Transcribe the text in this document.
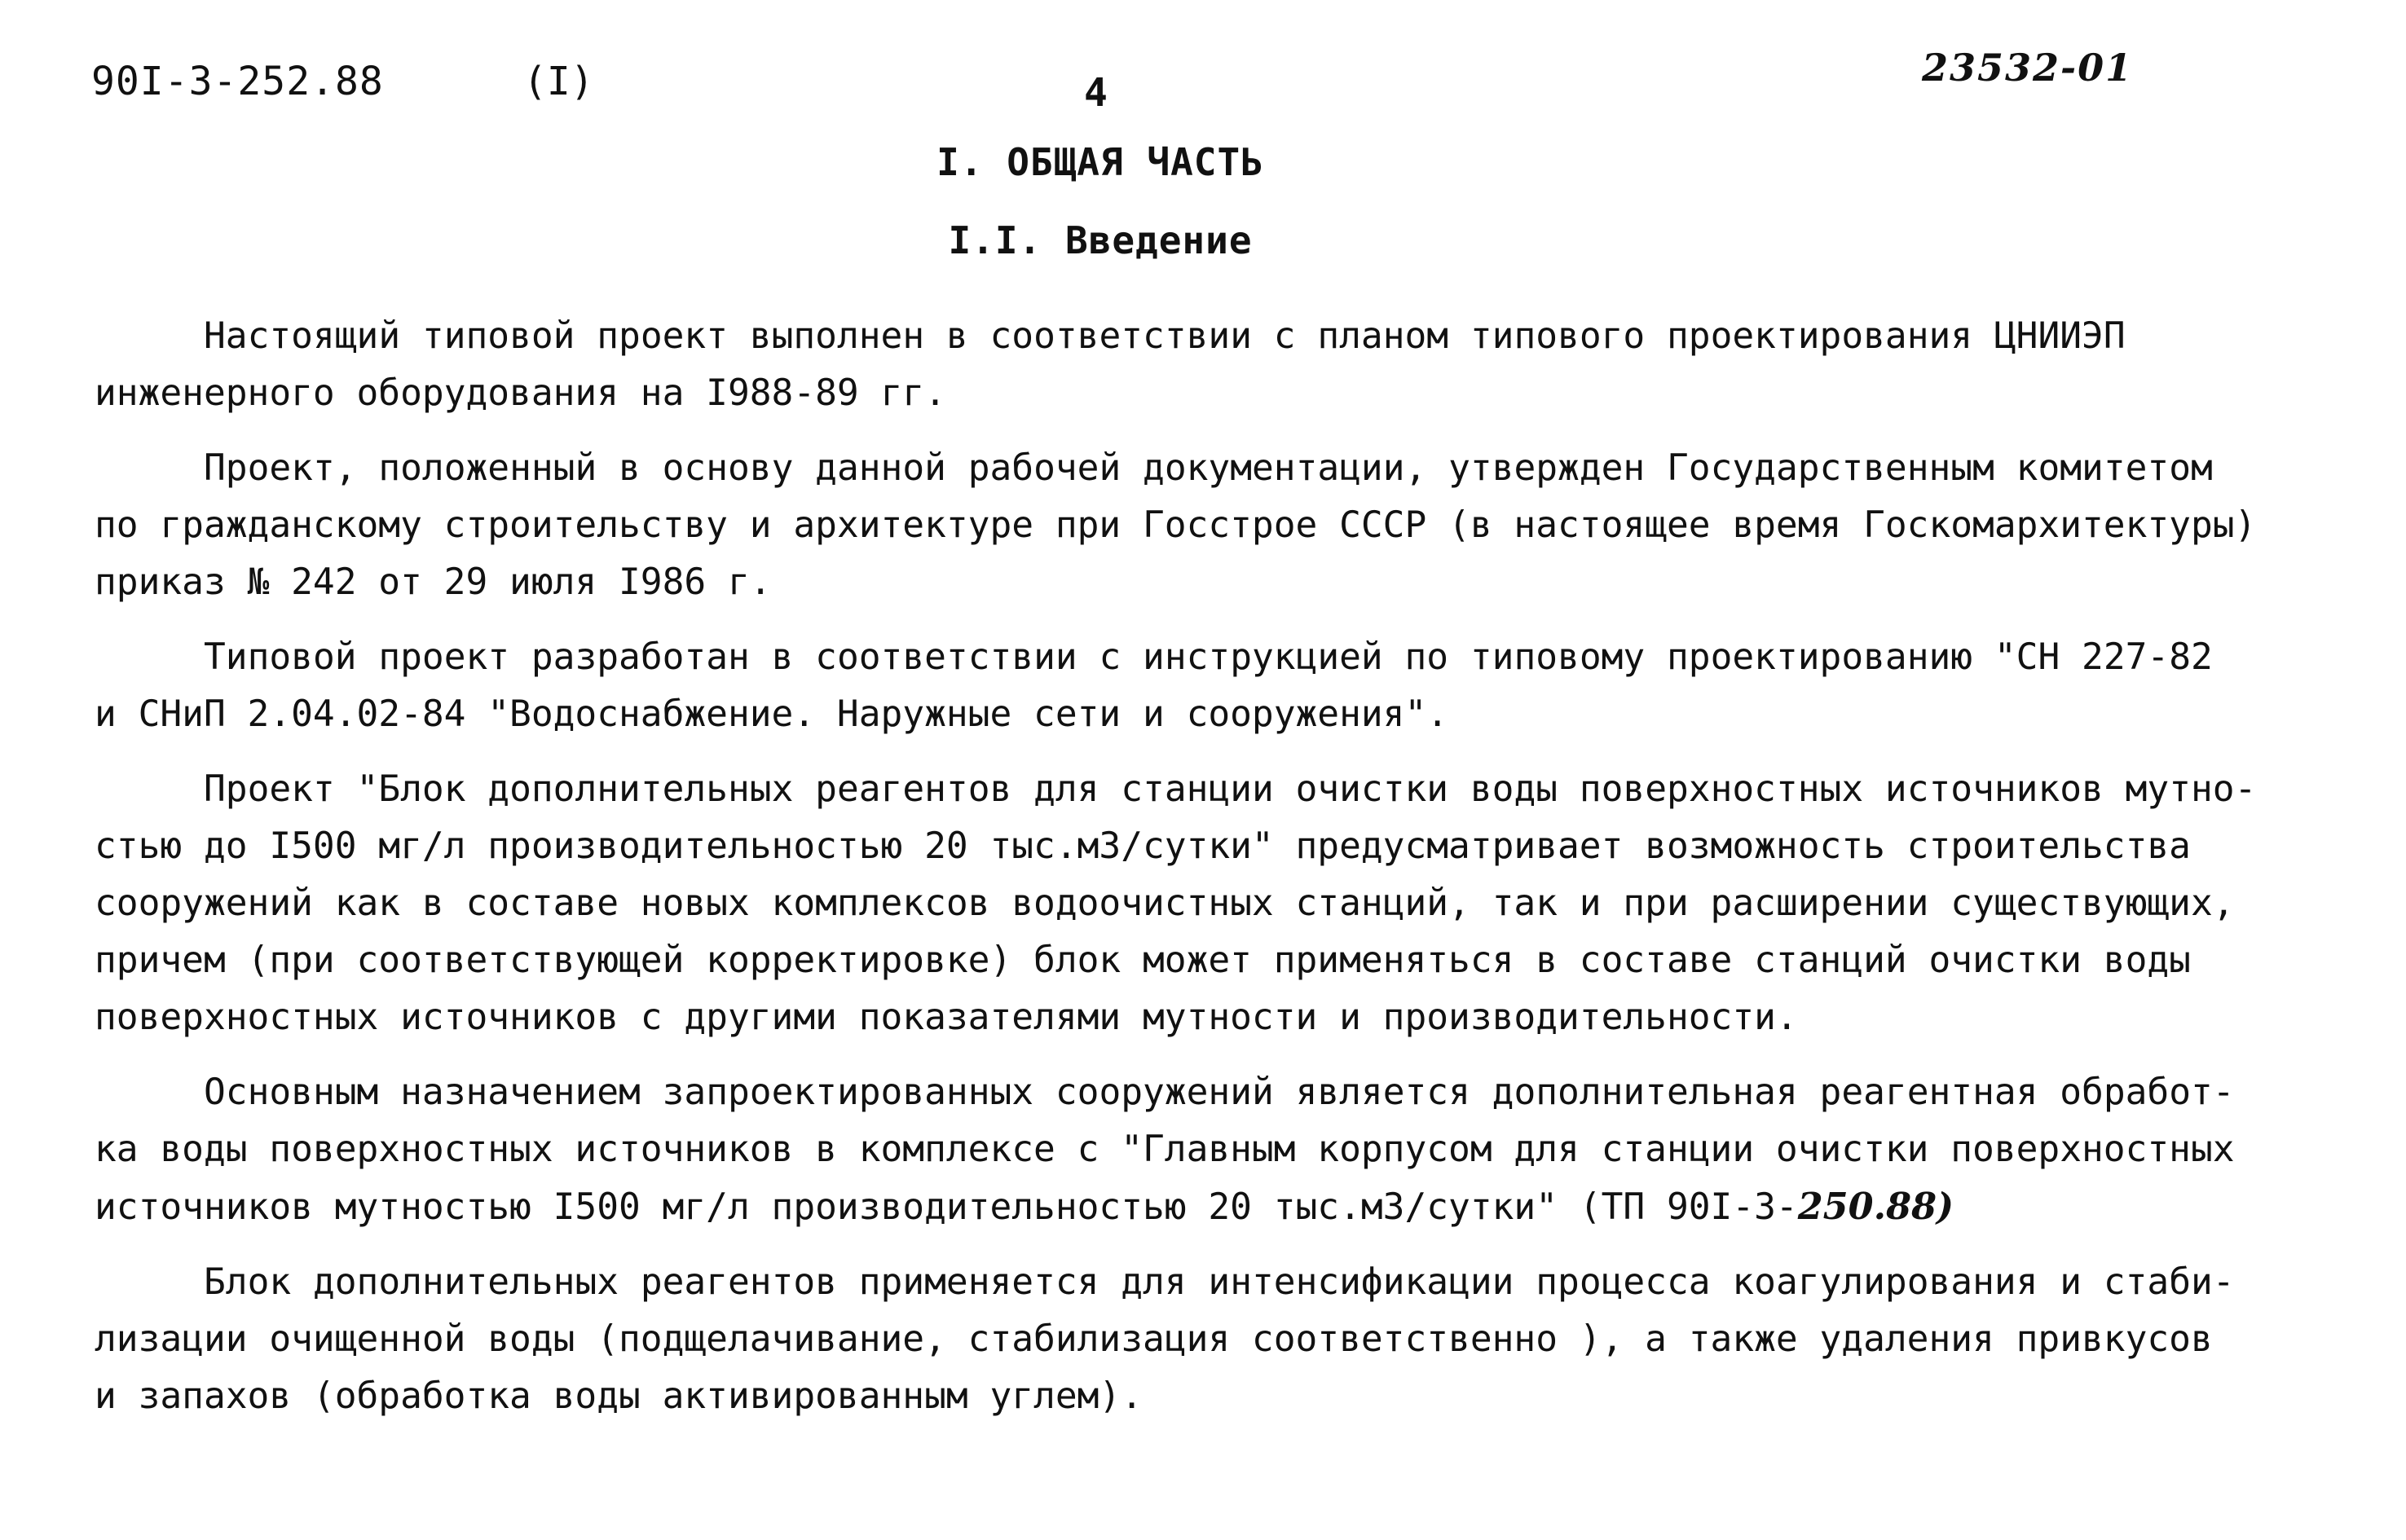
90I-3-252.88	(I)	4
23532-01
I. ОБЩАЯ ЧАСТЬ
I.I. Введение

Настоящий типовой проект выполнен в соответствии с планом типового проектирования ЦНИИЭП
инженерного оборудования на I988-89 гг.

Проект, положенный в основу данной рабочей документации, утвержден Государственным комитетом
по гражданскому строительству и архитектуре при Госстрое СССР (в настоящее время Госкомархитектуры)
приказ № 242 от 29 июля I986 г.

Типовой проект разработан в соответствии с инструкцией по типовому проектированию "СН 227-82
и СНиП 2.04.02-84 "Водоснабжение. Наружные сети и сооружения".

Проект "Блок дополнительных реагентов для станции очистки воды поверхностных источников мутно-
стью до I500 мг/л производительностью 20 тыс.м3/сутки" предусматривает возможность строительства
сооружений как в составе новых комплексов водоочистных станций, так и при расширении существующих,
причем (при соответствующей корректировке) блок может применяться в составе станций очистки воды
поверхностных источников с другими показателями мутности и производительности.

Основным назначением запроектированных сооружений является дополнительная реагентная обработ-
ка воды поверхностных источников в комплексе с "Главным корпусом для станции очистки поверхностных
источников мутностью I500 мг/л производительностью 20 тыс.м3/сутки" (ТП 90I-3-250.88)

Блок дополнительных реагентов применяется для интенсификации процесса коагулирования и стаби-
лизации очищенной воды (подщелачивание, стабилизация соответственно ), а также удаления привкусов
и запахов (обработка воды активированным углем).
